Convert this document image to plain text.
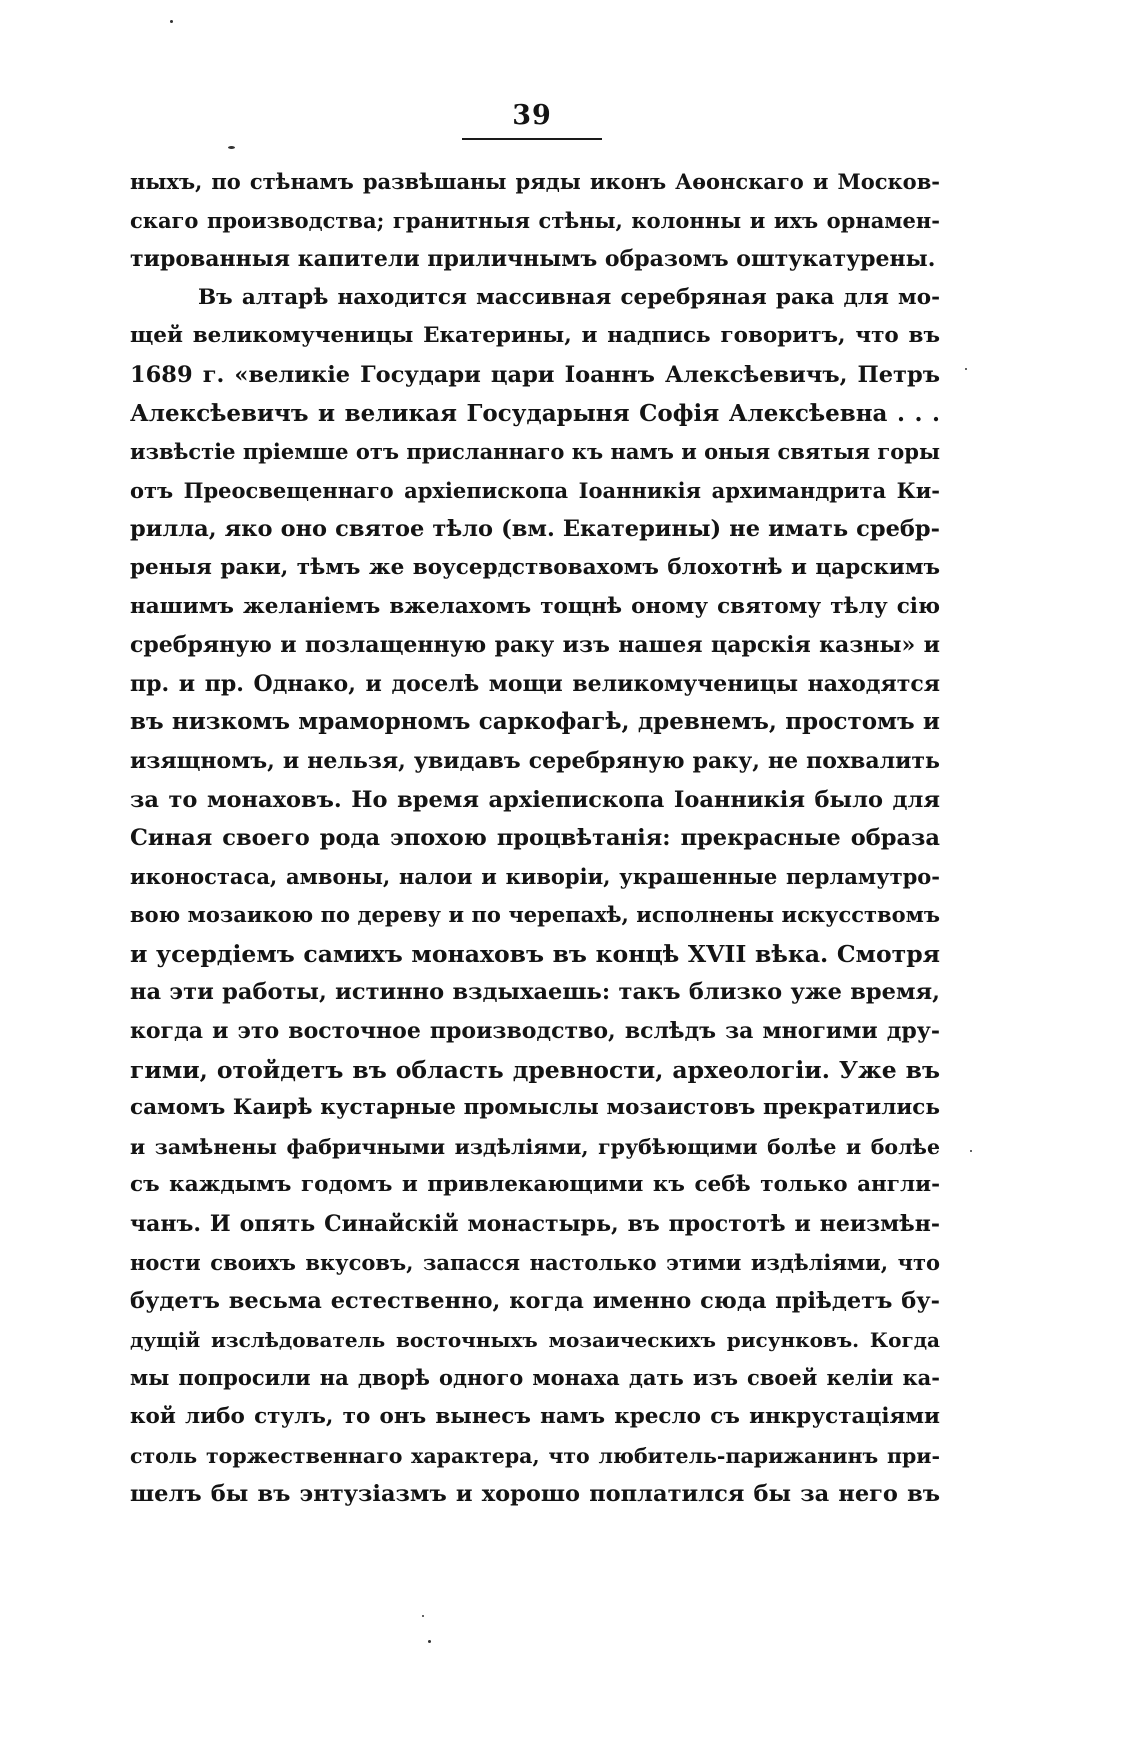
39
ныхъ, по стѣнамъ развѣшаны ряды иконъ Аѳонскаго и Москов-
скаго производства; гранитныя стѣны, колонны и ихъ орнамен-
тированныя капители приличнымъ образомъ оштукатурены.
Въ алтарѣ находится массивная серебряная рака для мо-
щей великомученицы Екатерины, и надпись говоритъ, что въ
1689 г. «великіе Государи цари Іоаннъ Алексѣевичъ, Петръ
Алексѣевичъ и великая Государыня Софія Алексѣевна . . .
извѣстіе пріемше отъ присланнаго къ намъ и оныя святыя горы
отъ Преосвещеннаго архіепископа Іоанникія архимандрита Ки-
рилла, яко оно святое тѣло (вм. Екатерины) не имать сребр-
реныя раки, тѣмъ же воусердствовахомъ блохотнѣ и царскимъ
нашимъ желаніемъ вжелахомъ тощнѣ оному святому тѣлу сію
сребряную и позлащенную раку изъ нашея царскія казны» и
пр. и пр. Однако, и доселѣ мощи великомученицы находятся
въ низкомъ мраморномъ саркофагѣ, древнемъ, простомъ и
изящномъ, и нельзя, увидавъ серебряную раку, не похвалить
за то монаховъ. Но время архіепископа Іоанникія было для
Синая своего рода эпохою процвѣтанія: прекрасные образа
иконостаса, амвоны, налои и киворіи, украшенные перламутро-
вою мозаикою по дереву и по черепахѣ, исполнены искусствомъ
и усердіемъ самихъ монаховъ въ концѣ XVII вѣка. Смотря
на эти работы, истинно вздыхаешь: такъ близко уже время,
когда и это восточное производство, вслѣдъ за многими дру-
гими, отойдетъ въ область древности, археологіи. Уже въ
самомъ Каирѣ кустарные промыслы мозаистовъ прекратились
и замѣнены фабричными издѣліями, грубѣющими болѣе и болѣе
съ каждымъ годомъ и привлекающими къ себѣ только англи-
чанъ. И опять Синайскій монастырь, въ простотѣ и неизмѣн-
ности своихъ вкусовъ, запасся настолько этими издѣліями, что
будетъ весьма естественно, когда именно сюда пріѣдетъ бу-
дущій изслѣдователь восточныхъ мозаическихъ рисунковъ. Когда
мы попросили на дворѣ одного монаха дать изъ своей келіи ка-
кой либо стулъ, то онъ вынесъ намъ кресло съ инкрустаціями
столь торжественнаго характера, что любитель-парижанинъ при-
шелъ бы въ энтузіазмъ и хорошо поплатился бы за него въ
